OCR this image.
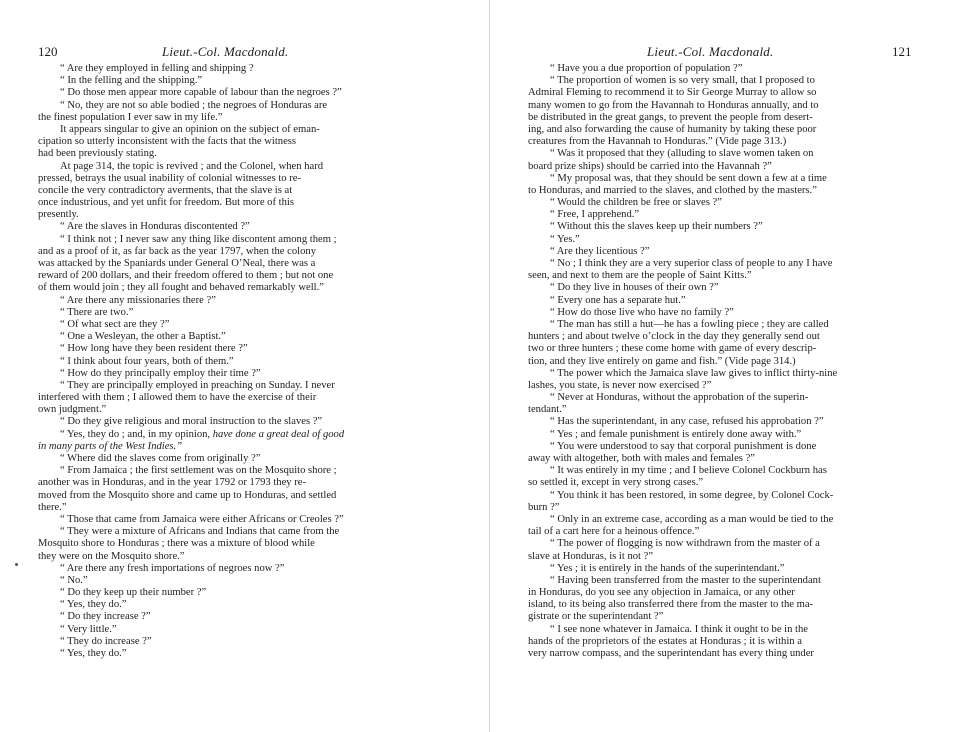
120	Lieut.-Col. Macdonald.
“ Are they employed in felling and shipping ?
“ In the felling and the shipping.”
“ Do those men appear more capable of labour than the negroes ?”
“ No, they are not so able bodied ; the negroes of Honduras are
the finest population I ever saw in my life.”
It appears singular to give an opinion on the subject of eman-
cipation so utterly inconsistent with the facts that the witness
had been previously stating.
At page 314, the topic is revived ; and the Colonel, when hard
pressed, betrays the usual inability of colonial witnesses to re-
concile the very contradictory averments, that the slave is at
once industrious, and yet unfit for freedom. But more of this
presently.
“ Are the slaves in Honduras discontented ?”
“ I think not ; I never saw any thing like discontent among them ;
and as a proof of it, as far back as the year 1797, when the colony
was attacked by the Spaniards under General O’Neal, there was a
reward of 200 dollars, and their freedom offered to them ; but not one
of them would join ; they all fought and behaved remarkably well.”
“ Are there any missionaries there ?”
“ There are two.”
“ Of what sect are they ?”
“ One a Wesleyan, the other a Baptist.”
“ How long have they been resident there ?”
“ I think about four years, both of them.”
“ How do they principally employ their time ?”
“ They are principally employed in preaching on Sunday. I never
interfered with them ; I allowed them to have the exercise of their
own judgment.”
“ Do they give religious and moral instruction to the slaves ?”
“ Yes, they do ; and, in my opinion, have done a great deal of good
in many parts of the West Indies.”
“ Where did the slaves come from originally ?”
“ From Jamaica ; the first settlement was on the Mosquito shore ;
another was in Honduras, and in the year 1792 or 1793 they re-
moved from the Mosquito shore and came up to Honduras, and settled
there.”
“ Those that came from Jamaica were either Africans or Creoles ?”
“ They were a mixture of Africans and Indians that came from the
Mosquito shore to Honduras ; there was a mixture of blood while
they were on the Mosquito shore.”
“ Are there any fresh importations of negroes now ?”
“ No.”
“ Do they keep up their number ?”
“ Yes, they do.”
“ Do they increase ?”
“ Very little.”
“ They do increase ?”
“ Yes, they do.”
Lieut.-Col. Macdonald.	121
“ Have you a due proportion of population ?”
“ The proportion of women is so very small, that I proposed to
Admiral Fleming to recommend it to Sir George Murray to allow so
many women to go from the Havannah to Honduras annually, and to
be distributed in the great gangs, to prevent the people from desert-
ing, and also forwarding the cause of humanity by taking these poor
creatures from the Havannah to Honduras.” (Vide page 313.)
“ Was it proposed that they (alluding to slave women taken on
board prize ships) should be carried into the Havannah ?”
“ My proposal was, that they should be sent down a few at a time
to Honduras, and married to the slaves, and clothed by the masters.”
“ Would the children be free or slaves ?”
“ Free, I apprehend.”
“ Without this the slaves keep up their numbers ?”
“ Yes.”
“ Are they licentious ?”
“ No ; I think they are a very superior class of people to any I have
seen, and next to them are the people of Saint Kitts.”
“ Do they live in houses of their own ?”
“ Every one has a separate hut.”
“ How do those live who have no family ?”
“ The man has still a hut—he has a fowling piece ; they are called
hunters ; and about twelve o’clock in the day they generally send out
two or three hunters ; these come home with game of every descrip-
tion, and they live entirely on game and fish.” (Vide page 314.)
“ The power which the Jamaica slave law gives to inflict thirty-nine
lashes, you state, is never now exercised ?”
“ Never at Honduras, without the approbation of the superin-
tendant.”
“ Has the superintendant, in any case, refused his approbation ?”
“ Yes ; and female punishment is entirely done away with.”
“ You were understood to say that corporal punishment is done
away with altogether, both with males and females ?”
“ It was entirely in my time ; and I believe Colonel Cockburn has
so settled it, except in very strong cases.”
“ You think it has been restored, in some degree, by Colonel Cock-
burn ?”
“ Only in an extreme case, according as a man would be tied to the
tail of a cart here for a heinous offence.”
“ The power of flogging is now withdrawn from the master of a
slave at Honduras, is it not ?”
“ Yes ; it is entirely in the hands of the superintendant.”
“ Having been transferred from the master to the superintendant
in Honduras, do you see any objection in Jamaica, or any other
island, to its being also transferred there from the master to the ma-
gistrate or the superintendant ?”
“ I see none whatever in Jamaica. I think it ought to be in the
hands of the proprietors of the estates at Honduras ; it is within a
very narrow compass, and the superintendant has every thing under
